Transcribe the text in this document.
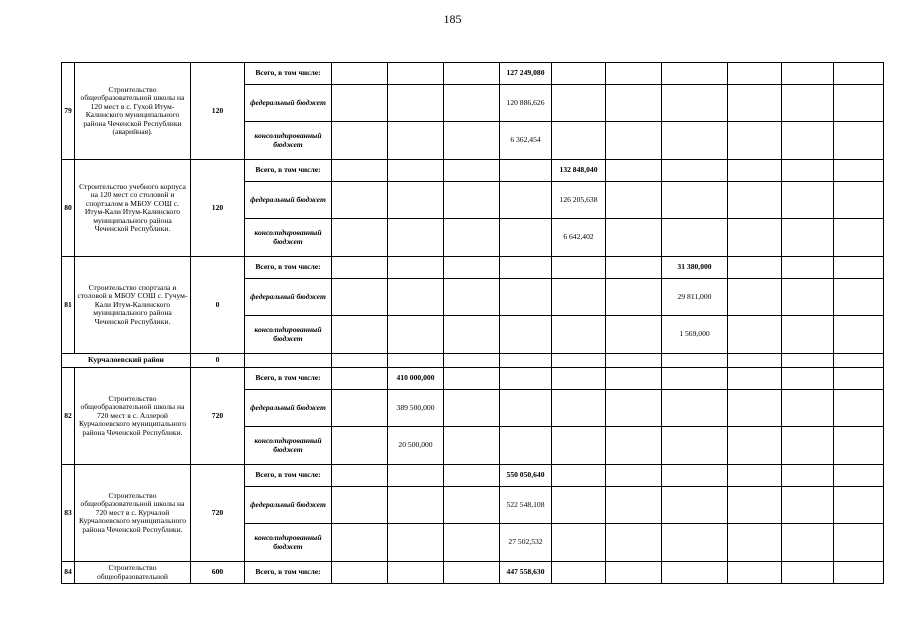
185
79	Строительство общеобразовательной школы на 120 мест в с. Гухой Итум-Калинского муниципального района Чеченской Республики (аварийная).	120	Всего, в том числе:				127 249,080						
			федеральный бюджет				120 886,626						
			консолидированный бюджет				6 362,454						
80	Строительство учебного корпуса на 120 мест со столовой и спортзалом в МБОУ СОШ с. Итум-Кали Итум-Калинского муниципального района Чеченской Республики.	120	Всего, в том числе:					132 848,040					
			федеральный бюджет					126 205,638					
			консолидированный бюджет					6 642,402					
81	Строительство спортзала и столовой в МБОУ СОШ с. Гучум-Кали Итум-Калинского муниципального района Чеченской Республики.	0	Всего, в том числе:							31 380,000			
			федеральный бюджет							29 811,000			
			консолидированный бюджет							1 569,000			
Курчалоевский район		0											
82	Строительство общеобразовательной школы на 720 мест в с. Аллерой Курчалоевского муниципального района Чеченской Республики.	720	Всего, в том числе:		410 000,000								
			федеральный бюджет		389 500,000								
			консолидированный бюджет		20 500,000								
83	Строительство общеобразовательной школы на 720 мест в с. Курчалой Курчалоевского муниципального района Чеченской Республики.	720	Всего, в том числе:				550 050,640						
			федеральный бюджет				522 548,108						
			консолидированный бюджет				27 502,532						
84	Строительство общеобразовательной	600	Всего, в том числе:				447 558,630						
